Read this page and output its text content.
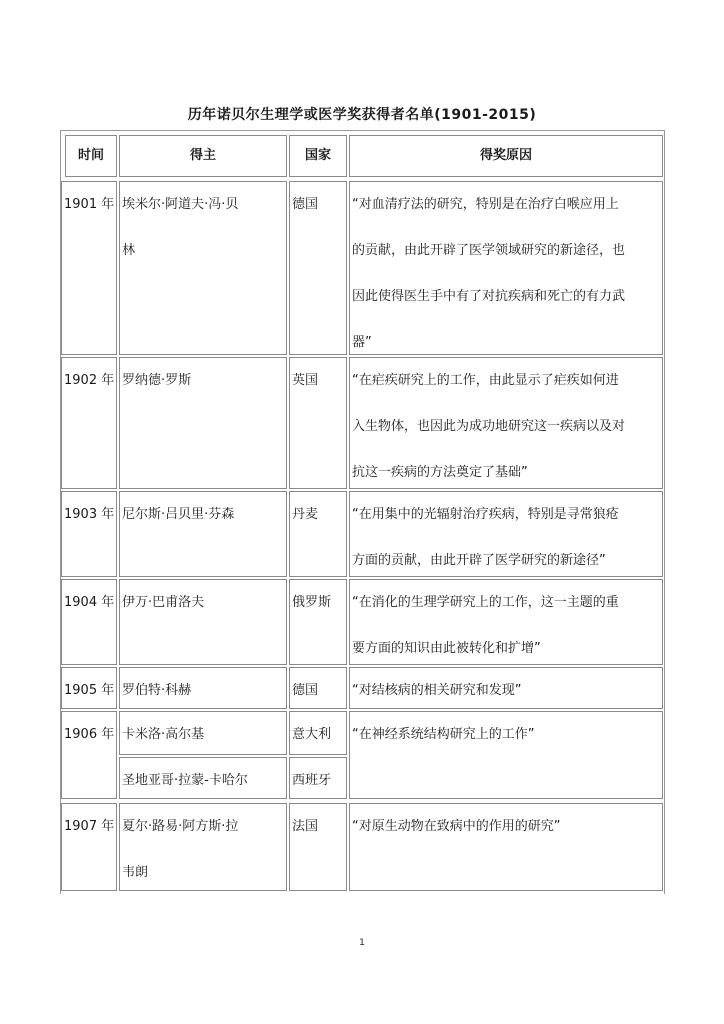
历年诺贝尔生理学或医学奖获得者名单(1901-2015)
时间	得主	国家	得奖原因
1901 年 埃米尔·阿道夫·冯·贝
林
德国	“对血清疗法的研究，特别是在治疗白喉应用上
的贡献，由此开辟了医学领域研究的新途径，也
因此使得医生手中有了对抗疾病和死亡的有力武
器”
1902 年 罗纳德·罗斯	英国	“在疟疾研究上的工作，由此显示了疟疾如何进
入生物体，也因此为成功地研究这一疾病以及对
抗这一疾病的方法奠定了基础”
1903 年 尼尔斯·吕贝里·芬森	丹麦	“在用集中的光辐射治疗疾病，特别是寻常狼疮
方面的贡献，由此开辟了医学研究的新途径”
1904 年 伊万·巴甫洛夫	俄罗斯	“在消化的生理学研究上的工作，这一主题的重
要方面的知识由此被转化和扩增”
1905 年 罗伯特·科赫	德国	“对结核病的相关研究和发现”
1906 年 卡米洛·高尔基	意大利
圣地亚哥·拉蒙-卡哈尔	西班牙
“在神经系统结构研究上的工作”
1907 年 夏尔·路易·阿方斯·拉
韦朗
法国	“对原生动物在致病中的作用的研究”
1
